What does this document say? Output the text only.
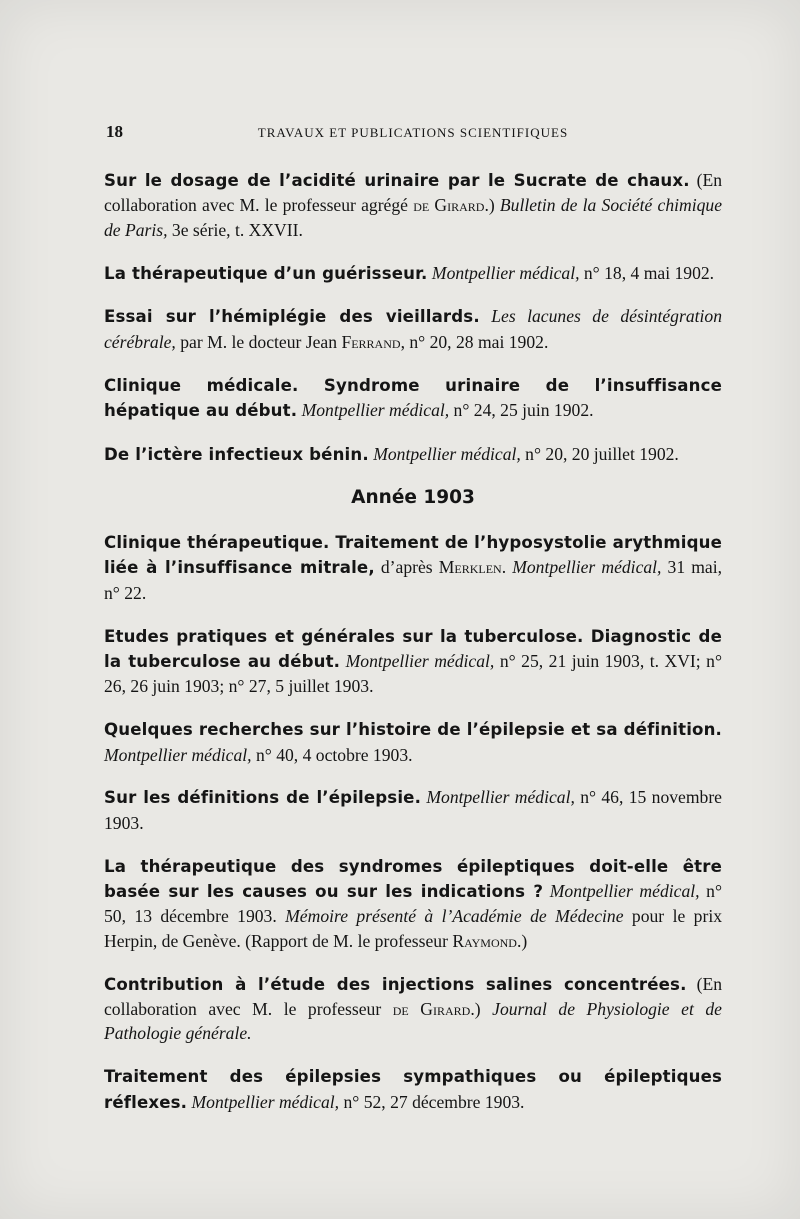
18	TRAVAUX ET PUBLICATIONS SCIENTIFIQUES

Sur le dosage de l’acidité urinaire par le Sucrate de chaux. (En collaboration avec M. le professeur agrégé de Girard.) Bulletin de la Société chimique de Paris, 3e série, t. XXVII.

La thérapeutique d’un guérisseur. Montpellier médical, n° 18, 4 mai 1902.

Essai sur l’hémiplégie des vieillards. Les lacunes de désintégration cérébrale, par M. le docteur Jean Ferrand, n° 20, 28 mai 1902.

Clinique médicale. Syndrome urinaire de l’insuffisance hépatique au début. Montpellier médical, n° 24, 25 juin 1902.

De l’ictère infectieux bénin. Montpellier médical, n° 20, 20 juillet 1902.

Année 1903

Clinique thérapeutique. Traitement de l’hyposystolie arythmique liée à l’insuffisance mitrale, d’après Merklen. Montpellier médical, 31 mai, n° 22.

Etudes pratiques et générales sur la tuberculose. Diagnostic de la tuberculose au début. Montpellier médical, n° 25, 21 juin 1903, t. XVI; n° 26, 26 juin 1903; n° 27, 5 juillet 1903.

Quelques recherches sur l’histoire de l’épilepsie et sa définition. Montpellier médical, n° 40, 4 octobre 1903.

Sur les définitions de l’épilepsie. Montpellier médical, n° 46, 15 novembre 1903.

La thérapeutique des syndromes épileptiques doit-elle être basée sur les causes ou sur les indications ? Montpellier médical, n° 50, 13 décembre 1903. Mémoire présenté à l’Académie de Médecine pour le prix Herpin, de Genève. (Rapport de M. le professeur Raymond.)

Contribution à l’étude des injections salines concentrées. (En collaboration avec M. le professeur de Girard.) Journal de Physiologie et de Pathologie générale.

Traitement des épilepsies sympathiques ou épileptiques réflexes. Montpellier médical, n° 52, 27 décembre 1903.
